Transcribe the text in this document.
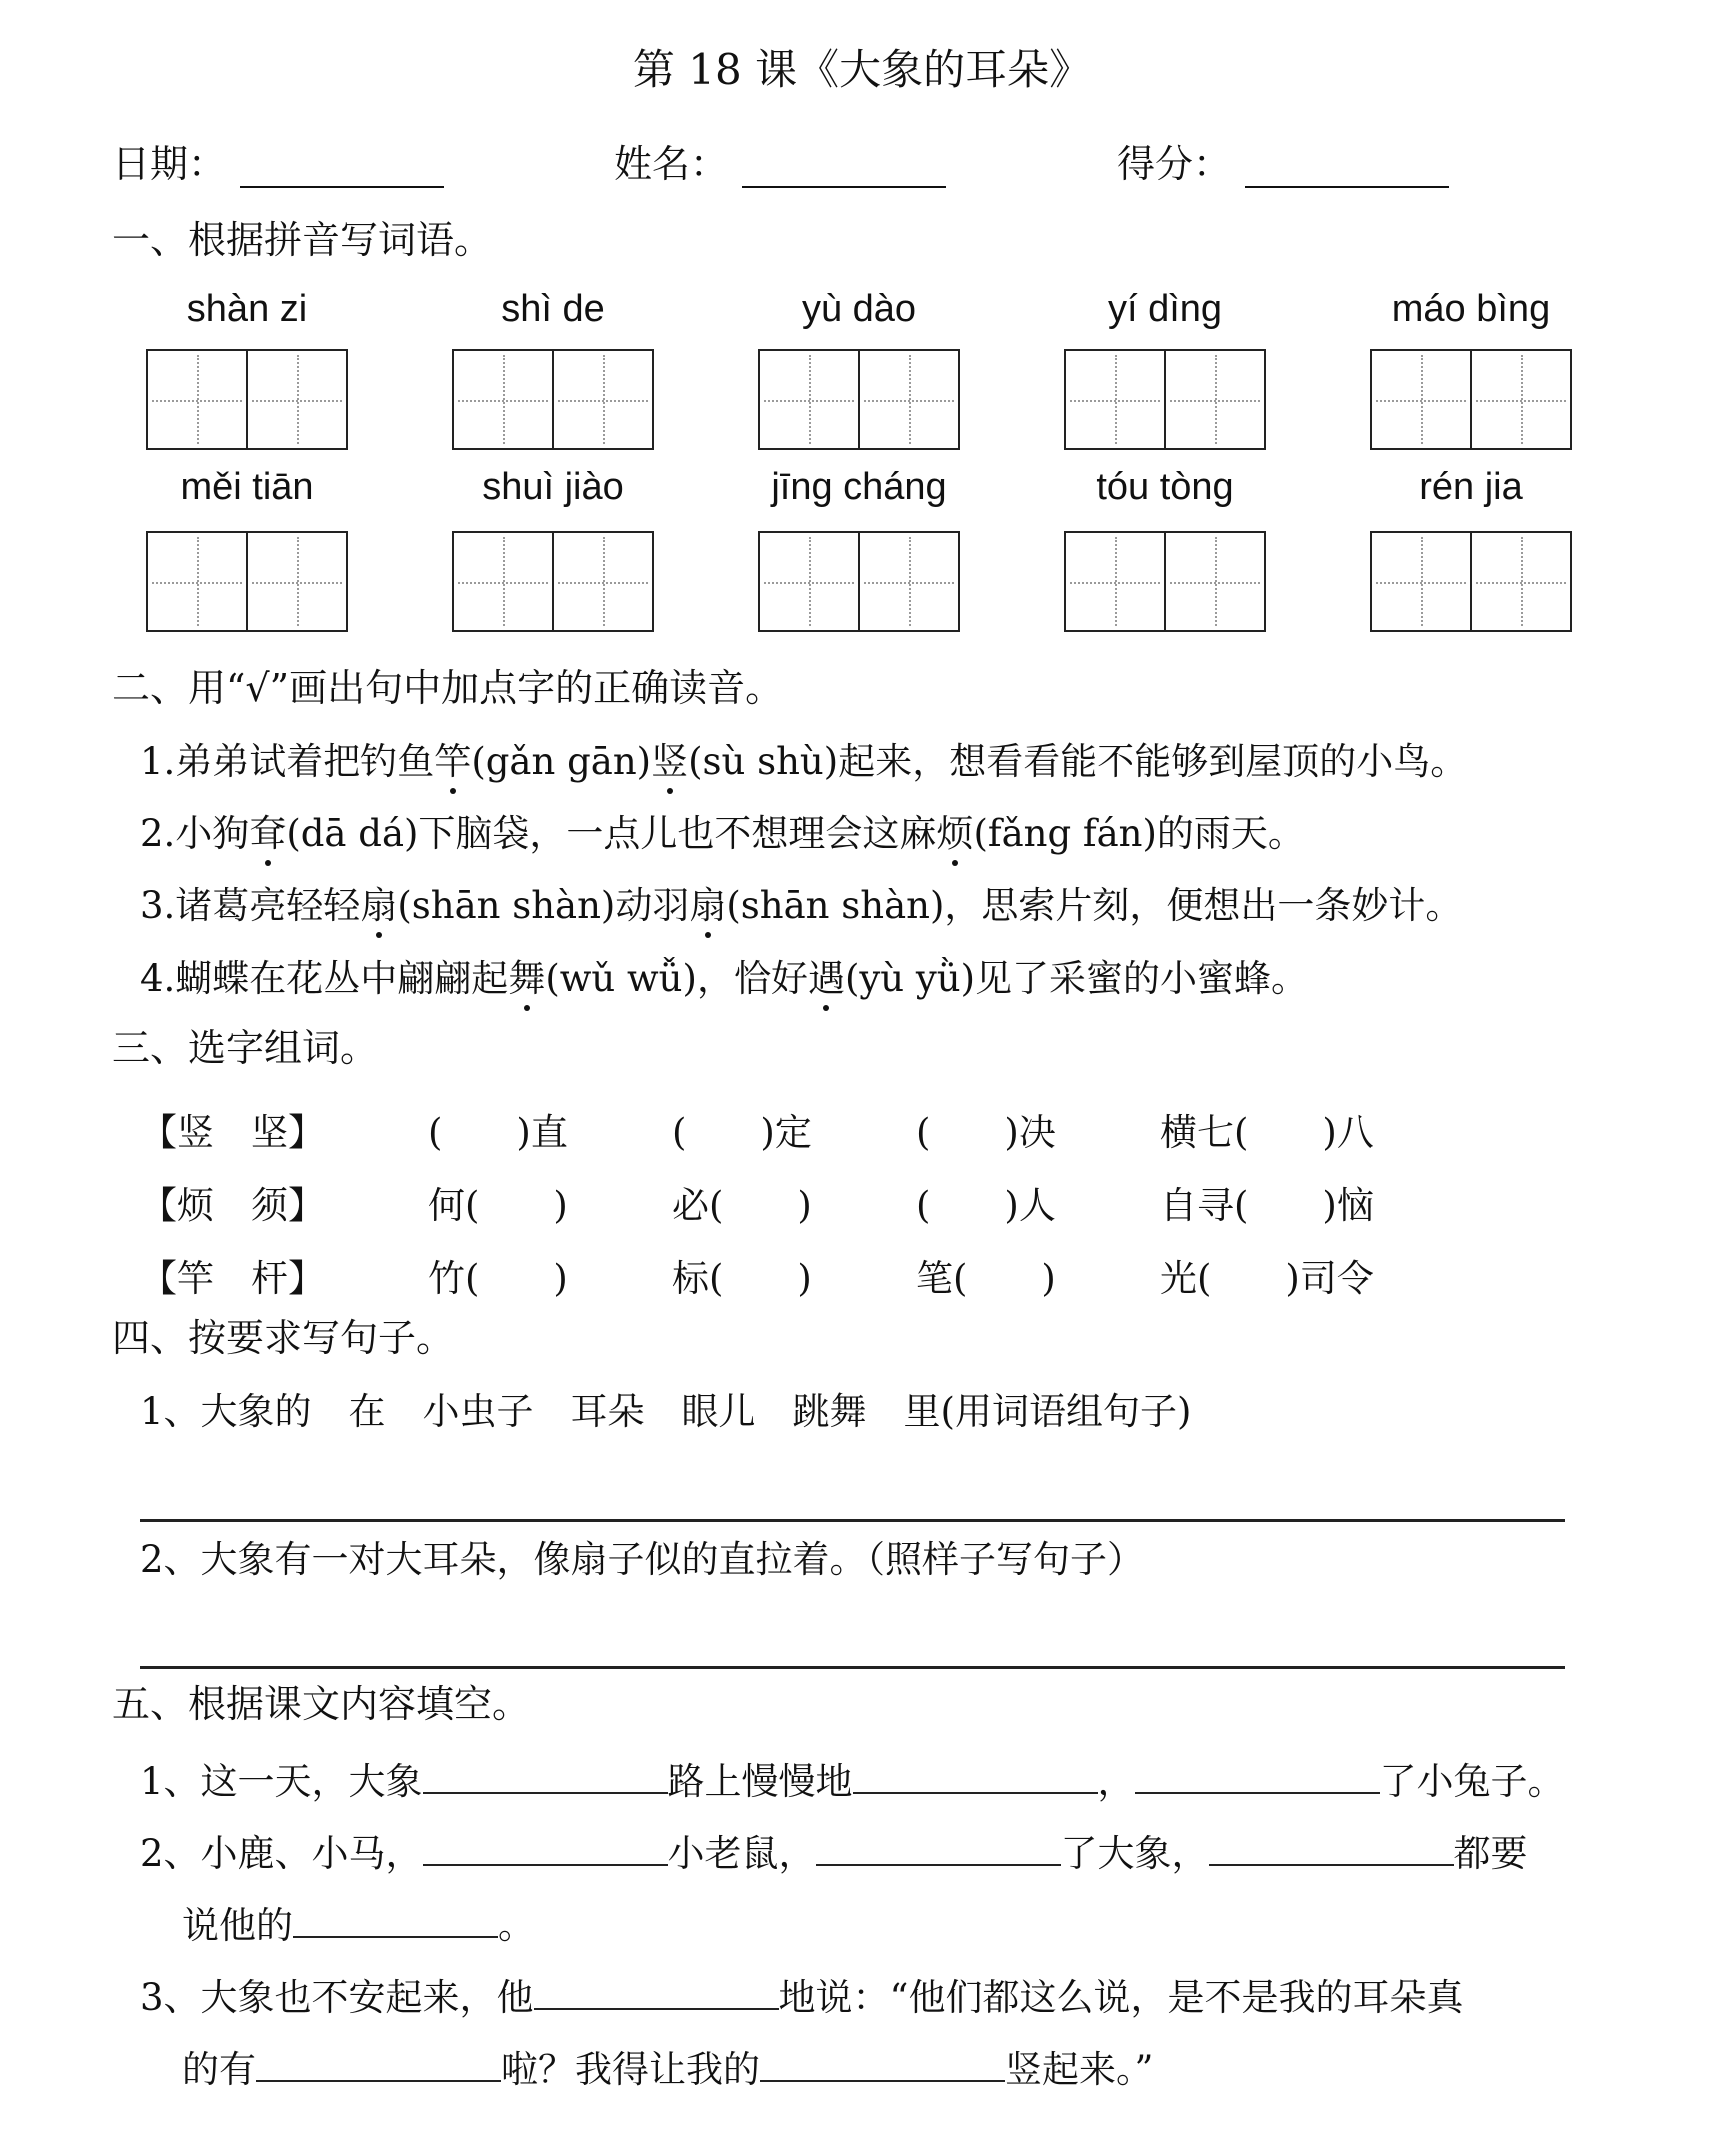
第 18 课《大象的耳朵》
日期：	姓名：	得分：
一、根据拼音写词语。
shàn zi	shì de	yù dào	yí dìng	máo bìng
měi tiān	shuì jiào	jīng cháng	tóu tòng	rén jia
二、用“√”画出句中加点字的正确读音。
1.弟弟试着把钓鱼竿(gǎn gān)竖(sù shù)起来，想看看能不能够到屋顶的小鸟。
2.小狗耷(dā dá)下脑袋，一点儿也不想理会这麻烦(fǎng fán)的雨天。
3.诸葛亮轻轻扇(shān shàn)动羽扇(shān shàn)，思索片刻，便想出一条妙计。
4.蝴蝶在花丛中翩翩起舞(wǔ wǚ)，恰好遇(yù yǜ)见了采蜜的小蜜蜂。
三、选字组词。
【竖　坚】	(　　)直	(　　)定	(　　)决	横七(　　)八
【烦　须】	何(　　)	必(　　)	(　　)人	自寻(　　)恼
【竿　杆】	竹(　　)	标(　　)	笔(　　)	光(　　)司令
四、按要求写句子。
1、大象的　在　小虫子　耳朵　眼儿　跳舞　里(用词语组句子)
2、大象有一对大耳朵，像扇子似的直拉着。（照样子写句子）
五、根据课文内容填空。
1、这一天，大象	路上慢慢地	，	了小兔子。
2、小鹿、小马，	小老鼠，	了大象，	都要
说他的	。
3、大象也不安起来，他	地说：“他们都这么说，是不是我的耳朵真
的有	啦？我得让我的	竖起来。”
